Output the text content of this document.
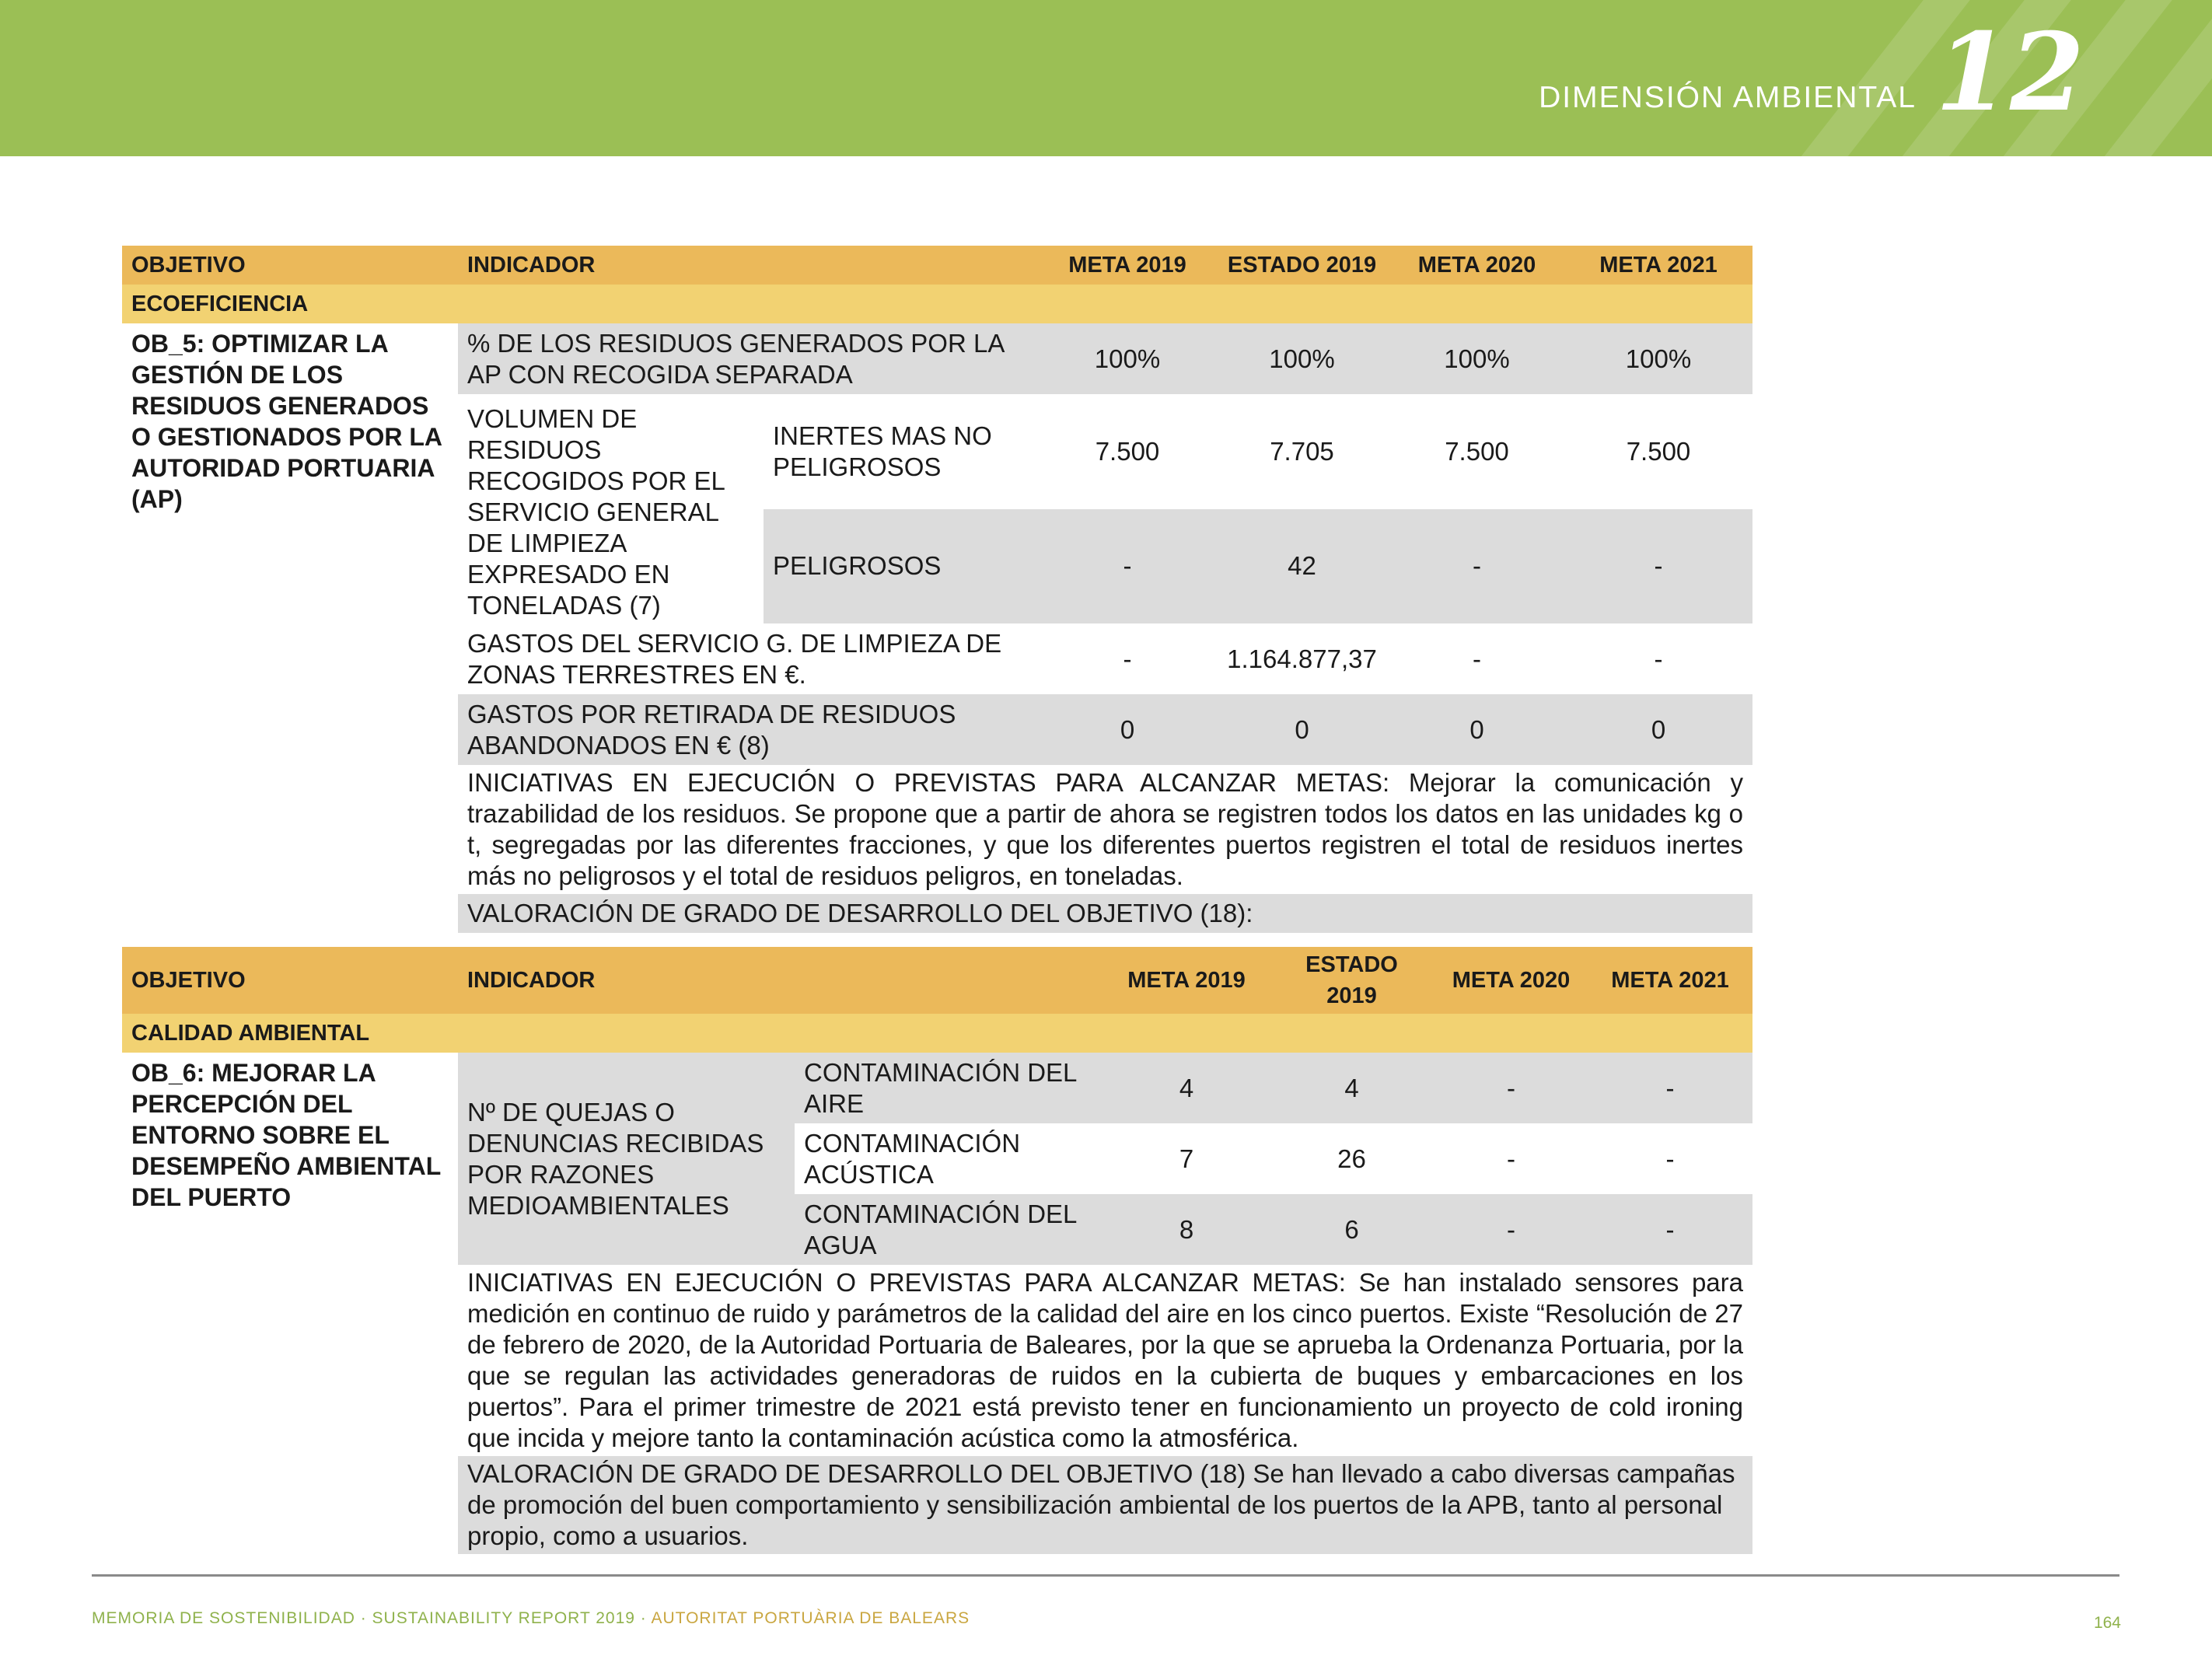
DIMENSIÓN AMBIENTAL 12
OBJETIVO	INDICADOR		META 2019	ESTADO 2019	META 2020	META 2021
ECOEFICIENCIA						
OB_5: OPTIMIZAR LA GESTIÓN DE LOS RESIDUOS GENERADOS O GESTIONADOS POR LA AUTORIDAD PORTUARIA (AP)	% DE LOS RESIDUOS GENERADOS POR LA AP CON RECOGIDA SEPARADA		100%	100%	100%	100%
	VOLUMEN DE RESIDUOS RECOGIDOS POR EL SERVICIO GENERAL DE LIMPIEZA EXPRESADO EN TONELADAS (7)	INERTES MAS NO PELIGROSOS	7.500	7.705	7.500	7.500
		PELIGROSOS	-	42	-	-
	GASTOS DEL SERVICIO G. DE LIMPIEZA DE ZONAS TERRESTRES EN €.		-	1.164.877,37	-	-
	GASTOS POR RETIRADA DE RESIDUOS ABANDONADOS EN € (8)		0	0	0	0
	INICIATIVAS EN EJECUCIÓN O PREVISTAS PARA ALCANZAR METAS: Mejorar la comunicación y trazabilidad de los residuos. Se propone que a partir de ahora se registren todos los datos en las unidades kg o t, segregadas por las diferentes fracciones, y que los diferentes puertos registren el total de residuos inertes más no peligrosos y el total de residuos peligros, en toneladas.					
	VALORACIÓN DE GRADO DE DESARROLLO DEL OBJETIVO (18):					
OBJETIVO	INDICADOR		META 2019	ESTADO 2019	META 2020	META 2021
CALIDAD AMBIENTAL						
OB_6: MEJORAR LA PERCEPCIÓN DEL ENTORNO SOBRE EL DESEMPEÑO AMBIENTAL DEL PUERTO	Nº DE QUEJAS O DENUNCIAS RECIBIDAS POR RAZONES MEDIOAMBIENTALES	CONTAMINACIÓN DEL AIRE	4	4	-	-
		CONTAMINACIÓN ACÚSTICA	7	26	-	-
		CONTAMINACIÓN DEL AGUA	8	6	-	-
	INICIATIVAS EN EJECUCIÓN O PREVISTAS PARA ALCANZAR METAS: Se han instalado sensores para medición en continuo de ruido y parámetros de la calidad del aire en los cinco puertos. Existe “Resolución de 27 de febrero de 2020, de la Autoridad Portuaria de Baleares, por la que se aprueba la Ordenanza Portuaria, por la que se regulan las actividades generadoras de ruidos en la cubierta de buques y embarcaciones en los puertos”. Para el primer trimestre de 2021 está previsto tener en funcionamiento un proyecto de cold ironing que incida y mejore tanto la contaminación acústica como la atmosférica.					
	VALORACIÓN DE GRADO DE DESARROLLO DEL OBJETIVO (18) Se han llevado a cabo diversas campañas de promoción del buen comportamiento y sensibilización ambiental de los puertos de la APB, tanto al personal propio, como a usuarios.					
MEMORIA DE SOSTENIBILIDAD · SUSTAINABILITY REPORT 2019 · AUTORITAT PORTUÀRIA DE BALEARS	164
